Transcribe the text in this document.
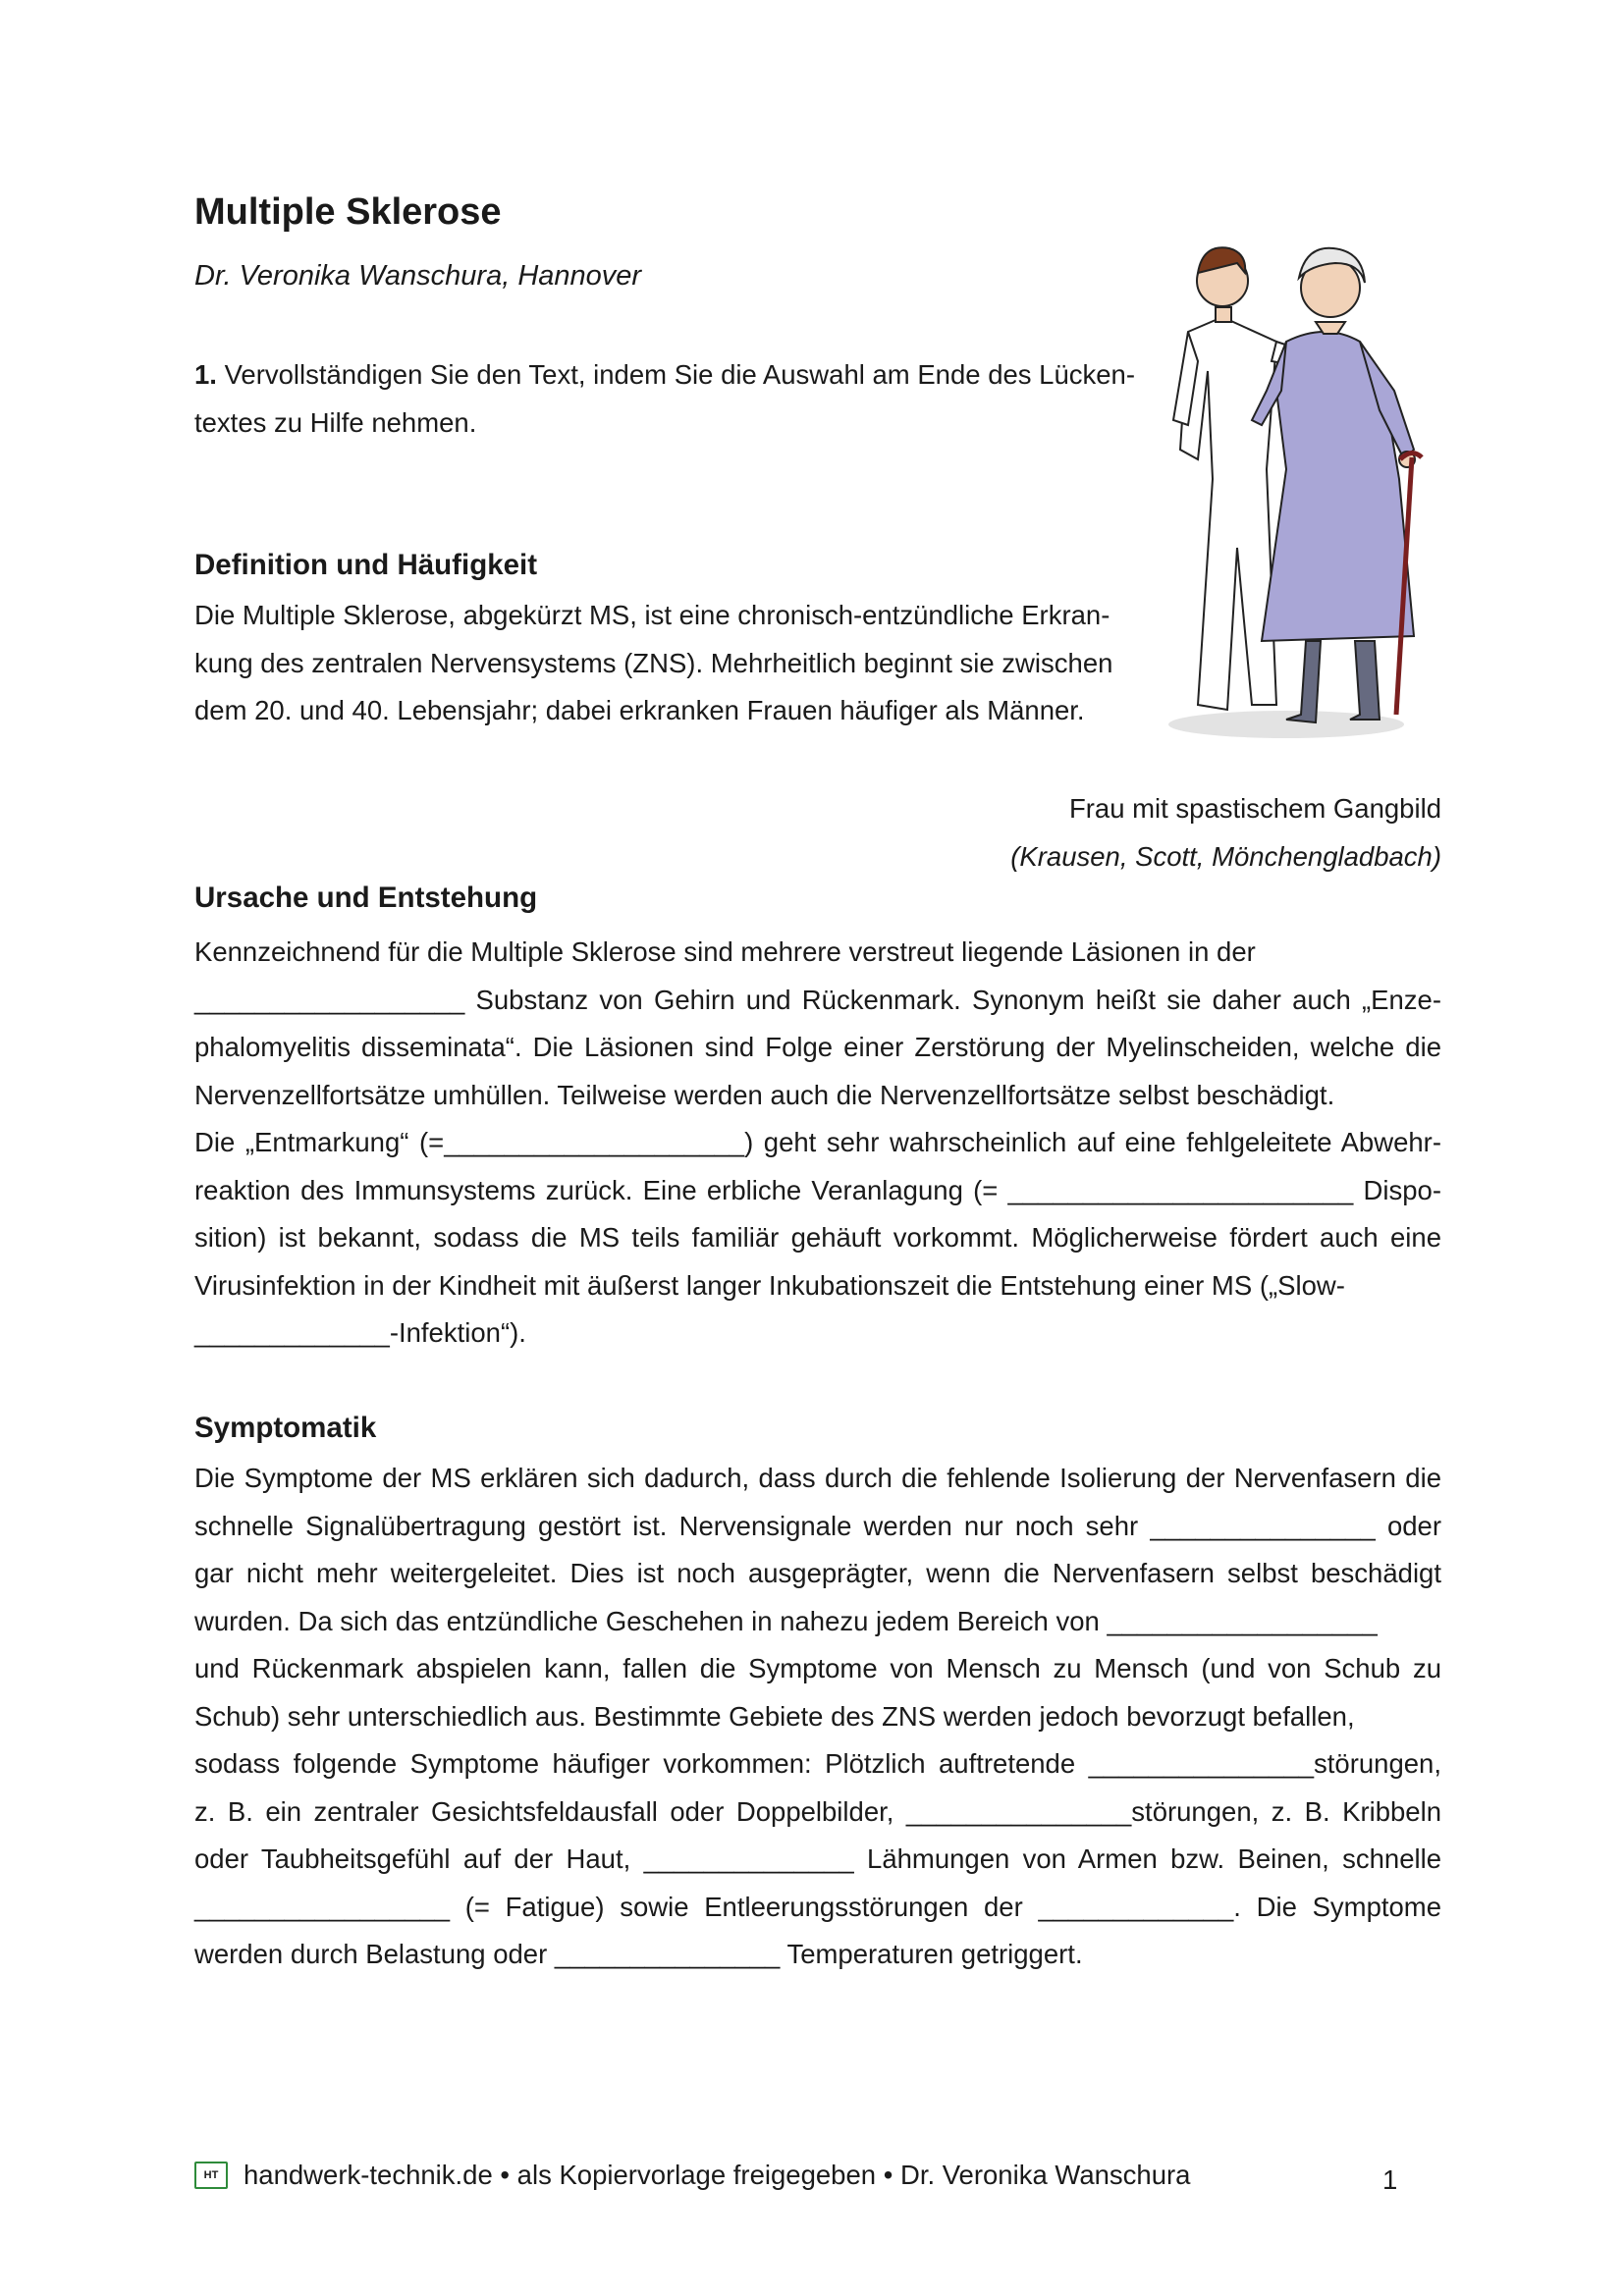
Multiple Sklerose
Dr. Veronika Wanschura, Hannover
1. Vervollständigen Sie den Text, indem Sie die Auswahl am Ende des Lücken-
textes zu Hilfe nehmen.
Definition und Häufigkeit
Die Multiple Sklerose, abgekürzt MS, ist eine chronisch-entzündliche Erkran-
kung des zentralen Nervensystems (ZNS). Mehrheitlich beginnt sie zwischen
dem 20. und 40. Lebensjahr; dabei erkranken Frauen häufiger als Männer.
Frau mit spastischem Gangbild
(Krausen, Scott, Mönchengladbach)
Ursache und Entstehung
Kennzeichnend für die Multiple Sklerose sind mehrere verstreut liegende Läsionen in der
__________________ Substanz von Gehirn und Rückenmark. Synonym heißt sie daher auch „Enze-
phalomyelitis disseminata“. Die Läsionen sind Folge einer Zerstörung der Myelinscheiden, welche die
Nervenzellfortsätze umhüllen. Teilweise werden auch die Nervenzellfortsätze selbst beschädigt.
Die „Entmarkung“ (=____________________) geht sehr wahrscheinlich auf eine fehlgeleitete Abwehr-
reaktion des Immunsystems zurück. Eine erbliche Veranlagung (= _______________________ Dispo-
sition) ist bekannt, sodass die MS teils familiär gehäuft vorkommt. Möglicherweise fördert auch eine
Virusinfektion in der Kindheit mit äußerst langer Inkubationszeit die Entstehung einer MS („Slow-
_____________-Infektion“).
Symptomatik
Die Symptome der MS erklären sich dadurch, dass durch die fehlende Isolierung der Nervenfasern die
schnelle Signalübertragung gestört ist. Nervensignale werden nur noch sehr _______________ oder
gar nicht mehr weitergeleitet. Dies ist noch ausgeprägter, wenn die Nervenfasern selbst beschädigt
wurden. Da sich das entzündliche Geschehen in nahezu jedem Bereich von __________________
und Rückenmark abspielen kann, fallen die Symptome von Mensch zu Mensch (und von Schub zu
Schub) sehr unterschiedlich aus. Bestimmte Gebiete des ZNS werden jedoch bevorzugt befallen,
sodass folgende Symptome häufiger vorkommen: Plötzlich auftretende _______________störungen,
z. B. ein zentraler Gesichtsfeldausfall oder Doppelbilder, _______________störungen, z. B. Kribbeln
oder Taubheitsgefühl auf der Haut, ______________ Lähmungen von Armen bzw. Beinen, schnelle
_________________ (= Fatigue) sowie Entleerungsstörungen der _____________. Die Symptome
werden durch Belastung oder _______________ Temperaturen getriggert.
HT handwerk-technik.de • als Kopiervorlage freigegeben • Dr. Veronika Wanschura	1
